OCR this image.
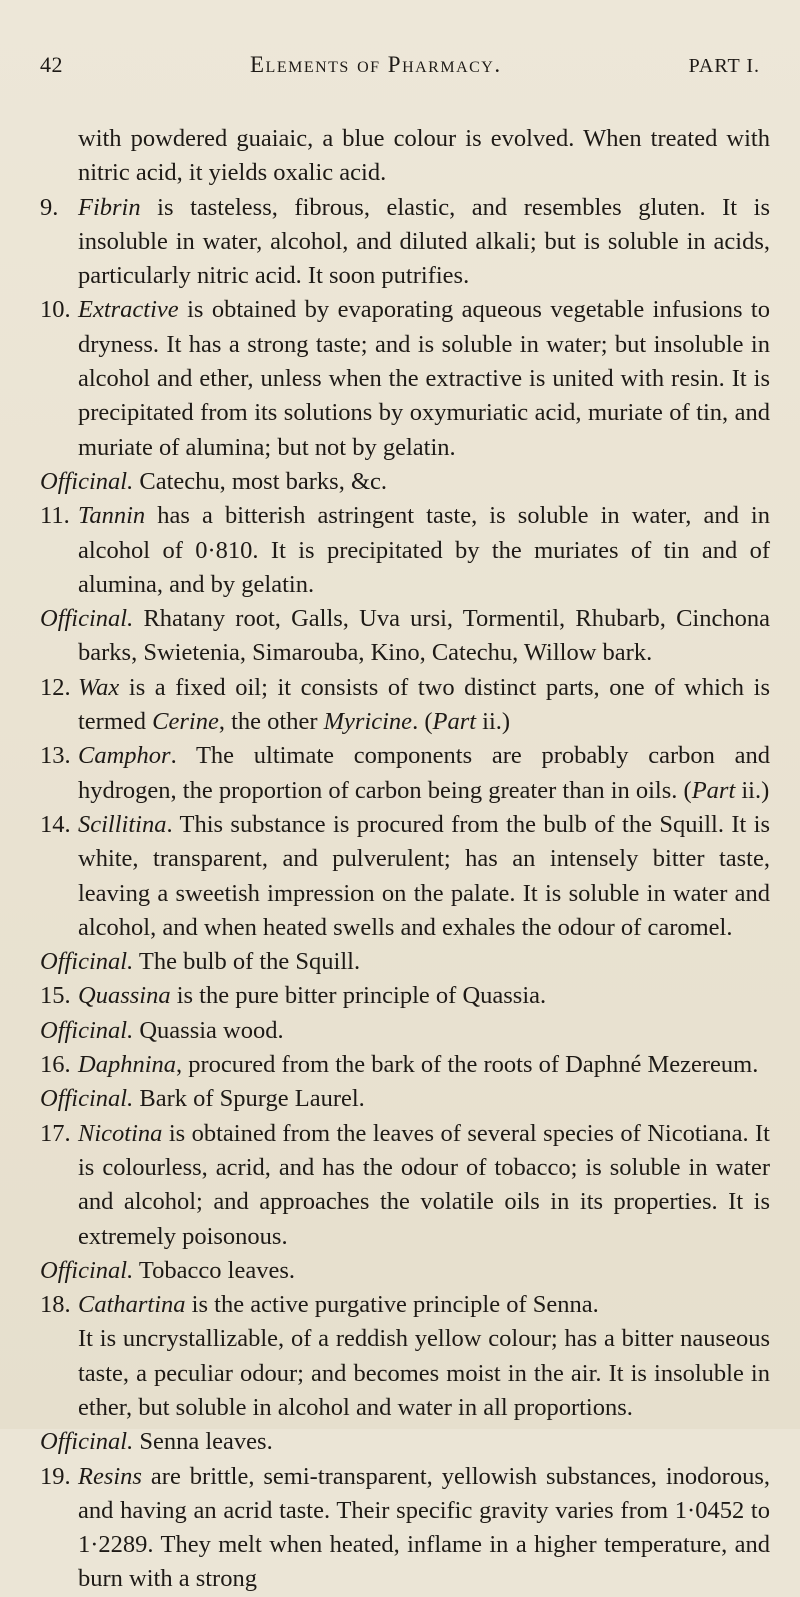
42	Elements of Pharmacy.	PART I.

with powdered guaiaic, a blue colour is evolved. When treated with nitric acid, it yields oxalic acid.

9. Fibrin is tasteless, fibrous, elastic, and resembles gluten. It is insoluble in water, alcohol, and diluted alkali; but is soluble in acids, particularly nitric acid. It soon putrifies.

10. Extractive is obtained by evaporating aqueous vegetable infusions to dryness. It has a strong taste; and is soluble in water; but insoluble in alcohol and ether, unless when the extractive is united with resin. It is precipitated from its solutions by oxymuriatic acid, muriate of tin, and muriate of alumina; but not by gelatin.

Officinal. Catechu, most barks, &c.

11. Tannin has a bitterish astringent taste, is soluble in water, and in alcohol of 0·810. It is precipitated by the muriates of tin and of alumina, and by gelatin.

Officinal. Rhatany root, Galls, Uva ursi, Tormentil, Rhubarb, Cinchona barks, Swietenia, Simarouba, Kino, Catechu, Willow bark.

12. Wax is a fixed oil; it consists of two distinct parts, one of which is termed Cerine, the other Myricine. (Part ii.)

13. Camphor. The ultimate components are probably carbon and hydrogen, the proportion of carbon being greater than in oils. (Part ii.)

14. Scillitina. This substance is procured from the bulb of the Squill. It is white, transparent, and pulverulent; has an intensely bitter taste, leaving a sweetish impression on the palate. It is soluble in water and alcohol, and when heated swells and exhales the odour of caromel.

Officinal. The bulb of the Squill.

15. Quassina is the pure bitter principle of Quassia.

Officinal. Quassia wood.

16. Daphnina, procured from the bark of the roots of Daphné Mezereum.

Officinal. Bark of Spurge Laurel.

17. Nicotina is obtained from the leaves of several species of Nicotiana. It is colourless, acrid, and has the odour of tobacco; is soluble in water and alcohol; and approaches the volatile oils in its properties. It is extremely poisonous.

Officinal. Tobacco leaves.

18. Cathartina is the active purgative principle of Senna.

It is uncrystallizable, of a reddish yellow colour; has a bitter nauseous taste, a peculiar odour; and becomes moist in the air. It is insoluble in ether, but soluble in alcohol and water in all proportions.

Officinal. Senna leaves.

19. Resins are brittle, semi-transparent, yellowish substances, inodorous, and having an acrid taste. Their specific gravity varies from 1·0452 to 1·2289. They melt when heated, inflame in a higher temperature, and burn with a strong
